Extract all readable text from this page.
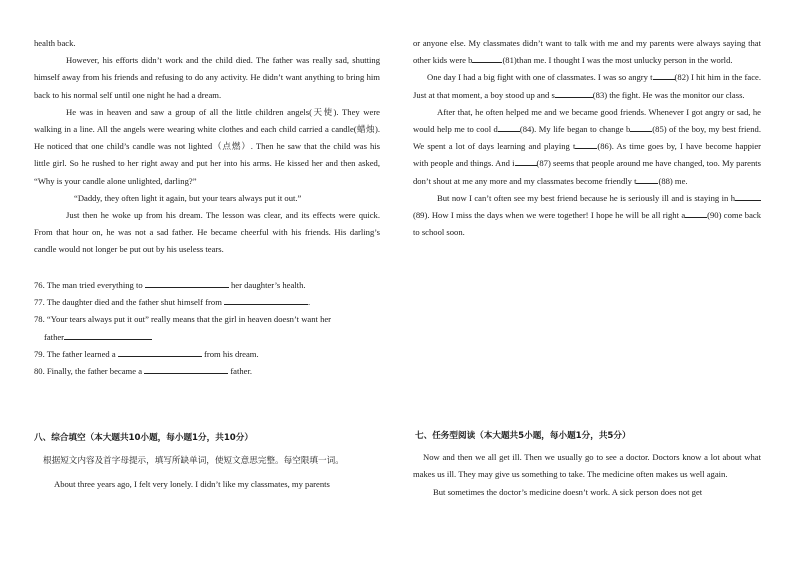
health back.

However, his efforts didn’t work and the child died. The father was really sad, shutting himself away from his friends and refusing to do any activity. He didn’t want anything to bring him back to his normal self until one night he had a dream.

He was in heaven and saw a group of all the little children angels(天使). They were walking in a line. All the angels were wearing white clothes and each child carried a candle(蜡烛). He noticed that one child’s candle was not lighted（点燃）. Then he saw that the child was his little girl. So he rushed to her right away and put her into his arms. He kissed her and then asked, “Why is your candle alone unlighted, darling?”

“Daddy, they often light it again, but your tears always put it out.”

Just then he woke up from his dream. The lesson was clear, and its effects were quick. From that hour on, he was not a sad father. He became cheerful with his friends. His darling’s candle would not longer be put out by his useless tears.

76. The man tried everything to	her daughter’s health.

77. The daughter died and the father shut himself from	.

78. “Your tears always put it out” really means that the girl in heaven doesn’t want her

father

79. The father learned a	from his dream.

80. Finally, the father became a	father.

八、综合填空（本大题共10小题，每小题1分，共10分）

根据短文内容及首字母提示，填写所缺单词，使短文意思完整。每空限填一词。

About three years ago, I felt very lonely. I didn’t like my classmates, my parents

or anyone else. My classmates didn’t want to talk with me and my parents were always saying that other kids were b	(81)than me. I thought I was the most unlucky person in the world.

One day I had a big fight with one of classmates. I was so angry t	(82) I hit him in the face. Just at that moment, a boy stood up and s	(83) the fight. He was the monitor our class.

After that, he often helped me and we became good friends. Whenever I got angry or sad, he would help me to cool d	(84). My life began to change b	(85) of the boy, my best friend. We spent a lot of days learning and playing t	(86). As time goes by, I have become happier with people and things. And i	(87) seems that people around me have changed, too. My parents don’t shout at me any more and my classmates become friendly t	(88) me.

But now I can’t often see my best friend because he is seriously ill and is staying in h(89). How I miss the days when we were together! I hope he will be all right a	(90) come back to school soon.

七、任务型阅读（本大题共5小题，每小题1分，共5分）

Now and then we all get ill. Then we usually go to see a doctor. Doctors know a lot about what makes us ill. They may give us something to take. The medicine often makes us well again.

But sometimes the doctor’s medicine doesn’t work. A sick person does not get
